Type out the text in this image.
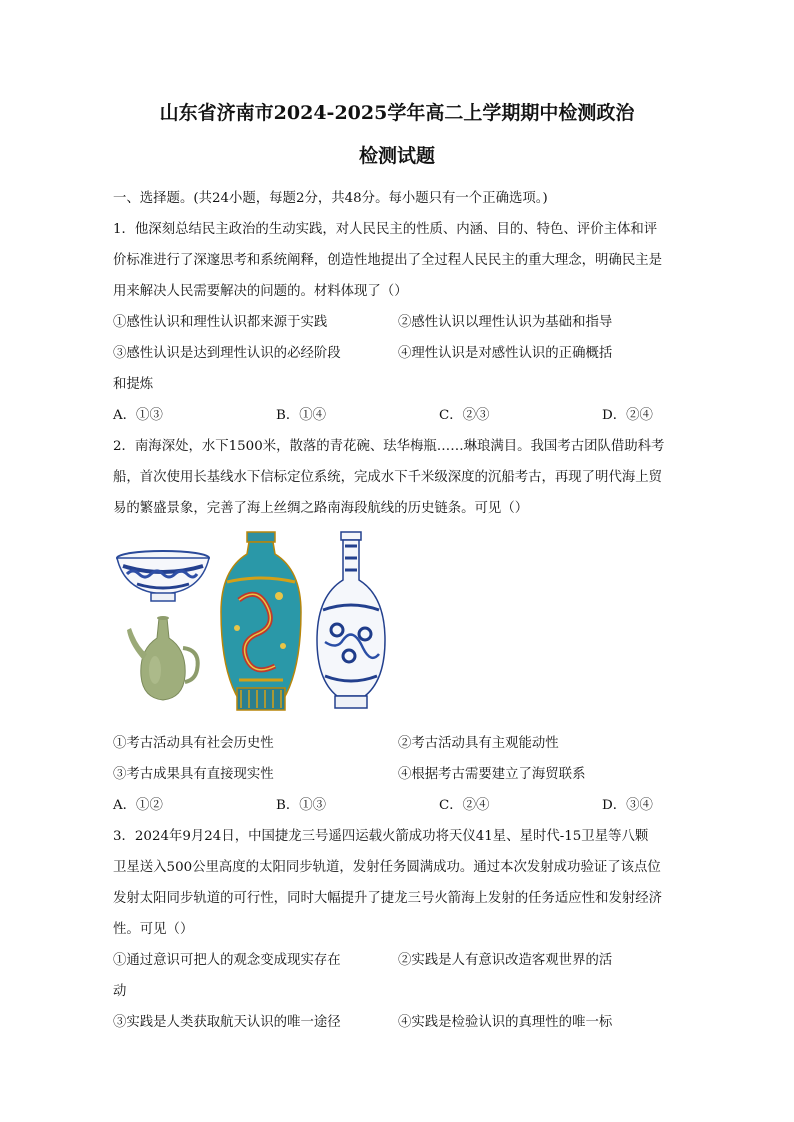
山东省济南市2024-2025学年高二上学期期中检测政治
检测试题
一、选择题。(共24小题，每题2分，共48分。每小题只有一个正确选项。)
1．他深刻总结民主政治的生动实践，对人民民主的性质、内涵、目的、特色、评价主体和评
价标准进行了深邃思考和系统阐释，创造性地提出了全过程人民民主的重大理念，明确民主是
用来解决人民需要解决的问题的。材料体现了（）
①感性认识和理性认识都来源于实践	②感性认识以理性认识为基础和指导
③感性认识是达到理性认识的必经阶段	④理性认识是对感性认识的正确概括
和提炼
A．①③	B．①④	C．②③	D．②④
2．南海深处，水下1500米，散落的青花碗、珐华梅瓶……琳琅满目。我国考古团队借助科考
船，首次使用长基线水下信标定位系统，完成水下千米级深度的沉船考古，再现了明代海上贸
易的繁盛景象，完善了海上丝绸之路南海段航线的历史链条。可见（）
①考古活动具有社会历史性	②考古活动具有主观能动性
③考古成果具有直接现实性	④根据考古需要建立了海贸联系
A．①②	B．①③	C．②④	D．③④
3．2024年9月24日，中国捷龙三号遥四运载火箭成功将天仪41星、星时代-15卫星等八颗
卫星送入500公里高度的太阳同步轨道，发射任务圆满成功。通过本次发射成功验证了该点位
发射太阳同步轨道的可行性，同时大幅提升了捷龙三号火箭海上发射的任务适应性和发射经济
性。可见（）
①通过意识可把人的观念变成现实存在	②实践是人有意识改造客观世界的活
动
③实践是人类获取航天认识的唯一途径	④实践是检验认识的真理性的唯一标
